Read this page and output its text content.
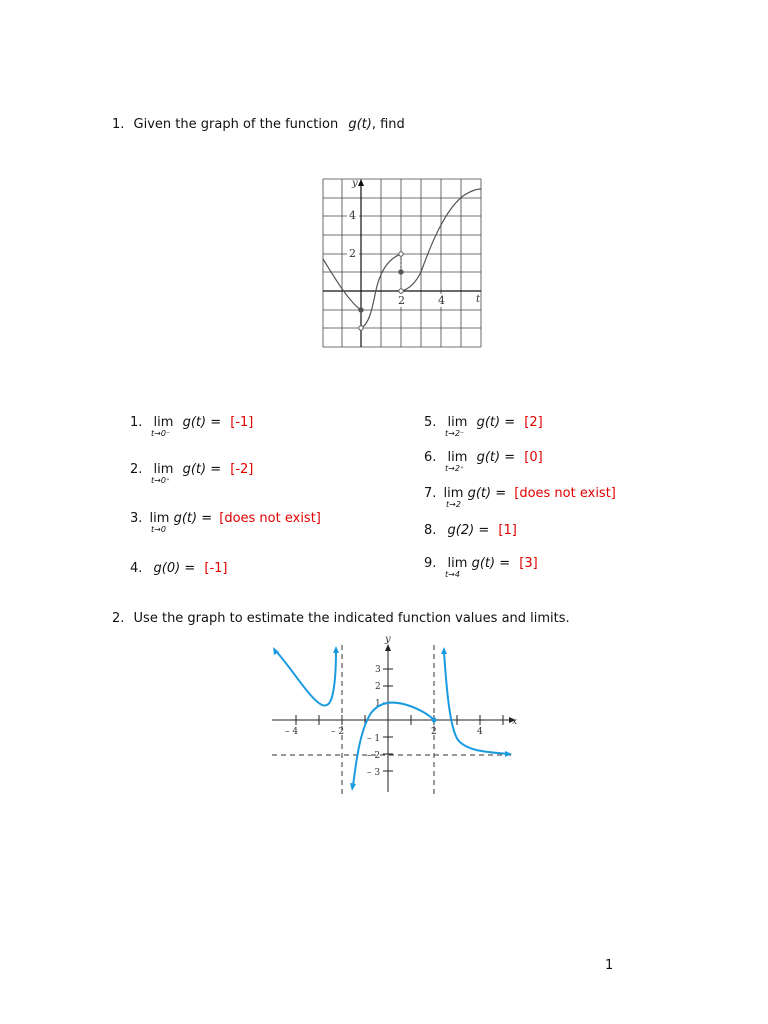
1. Given the graph of the function g(t), find
y
t
4
2
2	4
1. lim g(t) = [-1]
t→0⁻
2. lim g(t) = [-2]
t→0⁺
3. lim g(t) = [does not exist]
t→0
4. g(0) = [-1]
5. lim g(t) = [2]
t→2⁻
6. lim g(t) = [0]
t→2⁺
7. lim g(t) = [does not exist]
t→2
8. g(2) = [1]
9. lim g(t) = [3]
t→4
2. Use the graph to estimate the indicated function values and limits.
y
x
– 4	– 2	2	4
3
2
1
– 1
– 2
– 3
1
